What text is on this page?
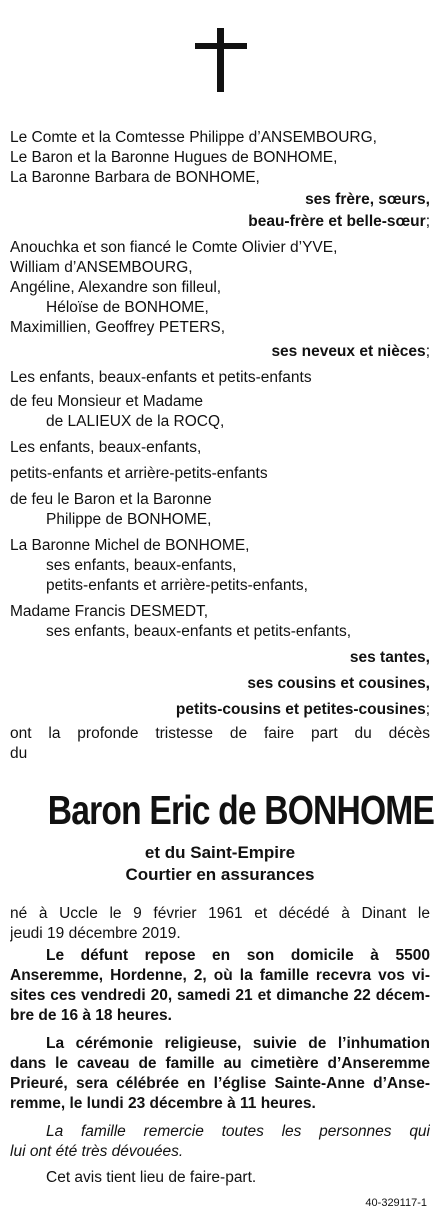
Le Comte et la Comtesse Philippe d’ANSEMBOURG,
Le Baron et la Baronne Hugues de BONHOME,
La Baronne Barbara de BONHOME,
ses frère, sœurs,
beau-frère et belle-sœur;
Anouchka et son fiancé le Comte Olivier d’YVE,
William d’ANSEMBOURG,
Angéline, Alexandre son filleul,
Héloïse de BONHOME,
Maximillien, Geoffrey PETERS,
ses neveux et nièces;
Les enfants, beaux-enfants et petits-enfants
de feu Monsieur et Madame
de LALIEUX de la ROCQ,
Les enfants, beaux-enfants,
petits-enfants et arrière-petits-enfants
de feu le Baron et la Baronne
Philippe de BONHOME,
La Baronne Michel de BONHOME,
ses enfants, beaux-enfants,
petits-enfants et arrière-petits-enfants,
Madame Francis DESMEDT,
ses enfants, beaux-enfants et petits-enfants,
ses tantes,
ses cousins et cousines,
petits-cousins et petites-cousines;
ont la profonde tristesse de faire part du décès
du
Baron Eric de BONHOME
et du Saint-Empire
Courtier en assurances
né à Uccle le 9 février 1961 et décédé à Dinant le
jeudi 19 décembre 2019.
Le défunt repose en son domicile à 5500
Anseremme, Hordenne, 2, où la famille recevra vos vi-
sites ces vendredi 20, samedi 21 et dimanche 22 décem-
bre de 16 à 18 heures.
La cérémonie religieuse, suivie de l’inhumation
dans le caveau de famille au cimetière d’Anseremme
Prieuré, sera célébrée en l’église Sainte-Anne d’Anse-
remme, le lundi 23 décembre à 11 heures.
La famille remercie toutes les personnes qui
lui ont été très dévouées.
Cet avis tient lieu de faire-part.
40-329117-1
